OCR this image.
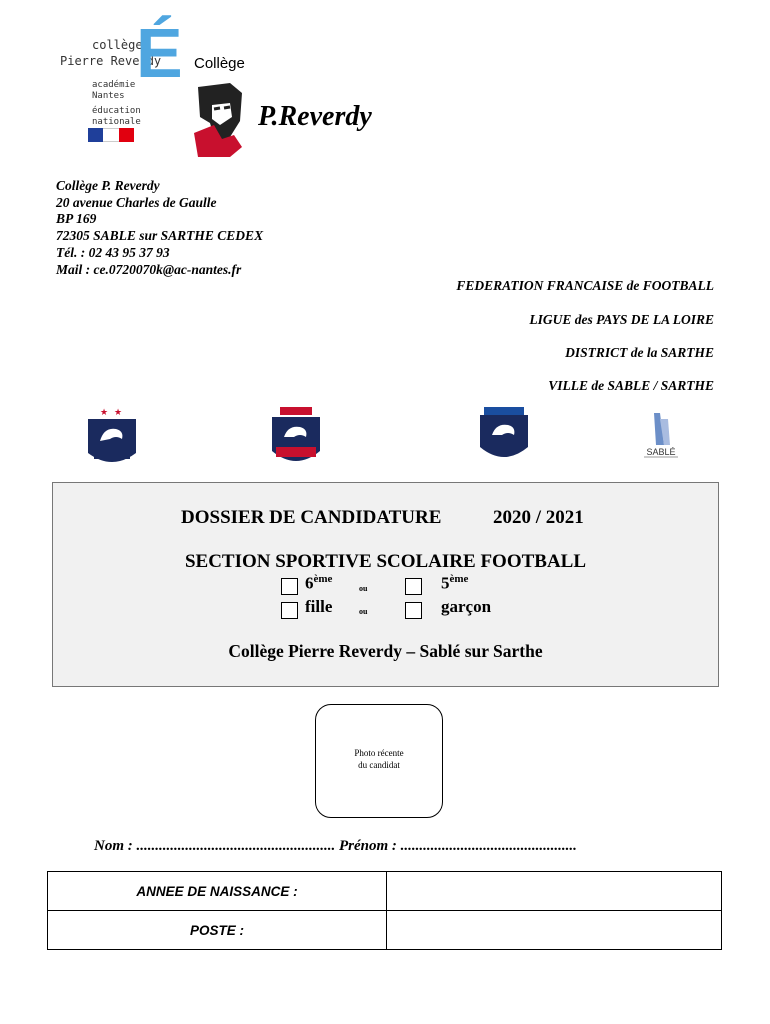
collège
Pierre Reverdy
É
académie
Nantes
éducation
nationale
Collège
P.Reverdy
Collège P. Reverdy
20 avenue Charles de Gaulle
BP 169
72305 SABLE sur SARTHE CEDEX
Tél. : 02 43 95 37 93
Mail : ce.0720070k@ac-nantes.fr
FEDERATION FRANCAISE de FOOTBALL
LIGUE des PAYS DE LA LOIRE
DISTRICT de la SARTHE
VILLE de SABLE / SARTHE
★ ★
SABLÉ
DOSSIER DE CANDIDATURE	2020 / 2021
SECTION SPORTIVE SCOLAIRE FOOTBALL
6ème
ou	5ème
fille	ou	garçon
Collège Pierre Reverdy – Sablé sur Sarthe
Photo récente
du candidat
Nom : ..................................................... Prénom : ...............................................
ANNEE DE NAISSANCE :	
POSTE :	
